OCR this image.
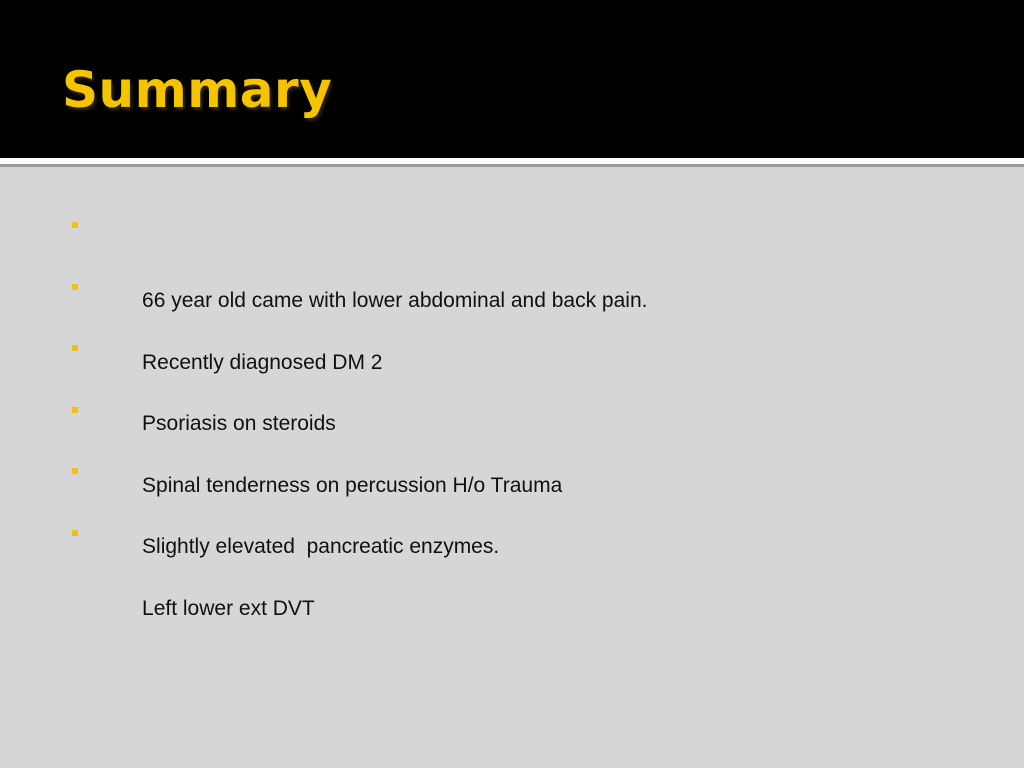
Summary

66 year old came with lower abdominal and back pain.

Recently diagnosed DM 2

Psoriasis on steroids

Spinal tenderness on percussion H/o Trauma

Slightly elevated  pancreatic enzymes.

Left lower ext DVT
